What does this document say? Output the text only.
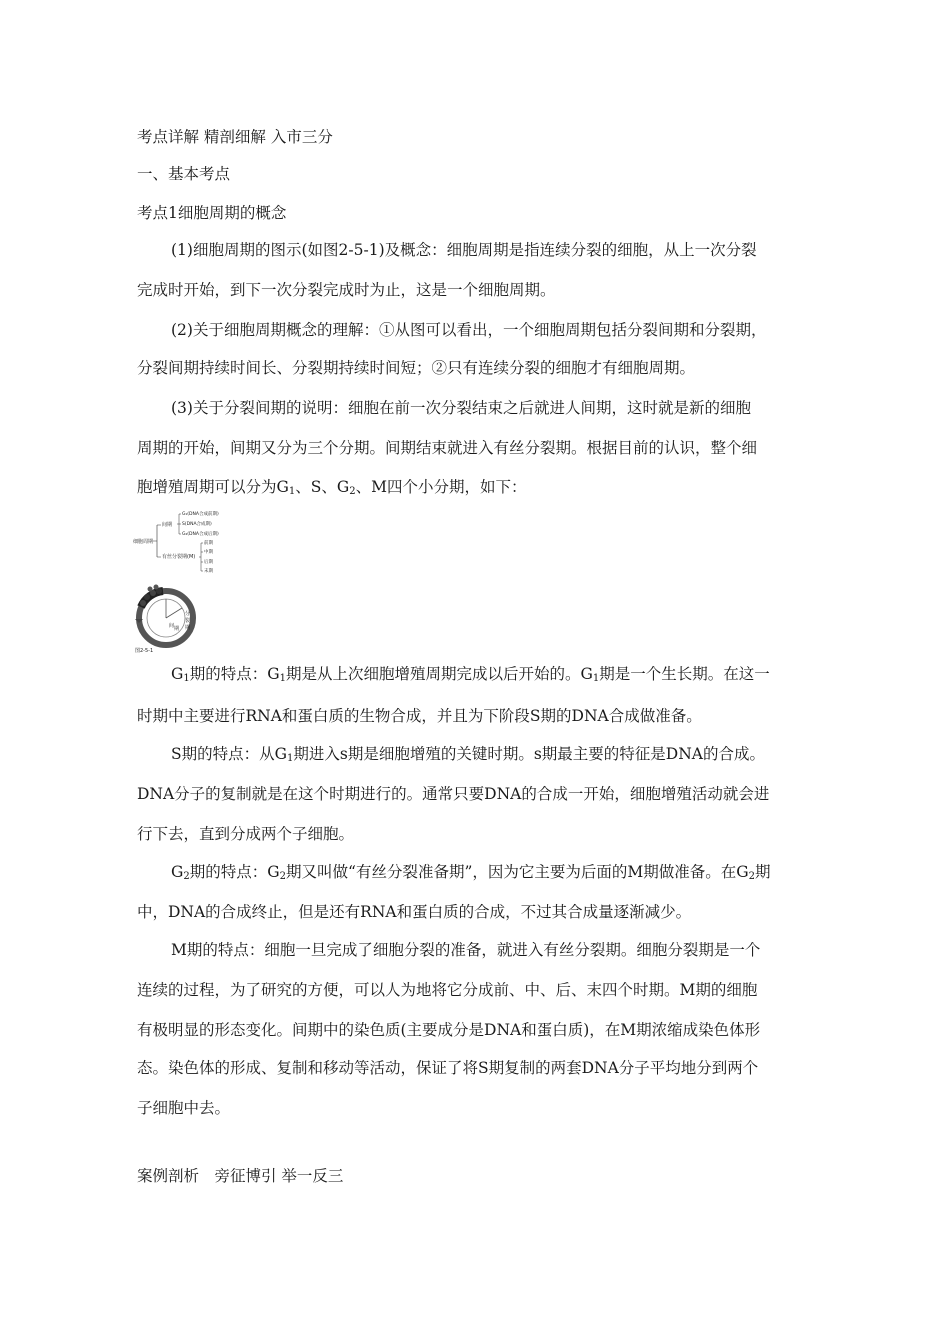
考点详解 精剖细解 入市三分
一、基本考点
考点1细胞周期的概念
(1)细胞周期的图示(如图2-5-1)及概念：细胞周期是指连续分裂的细胞，从上一次分裂
完成时开始，到下一次分裂完成时为止，这是一个细胞周期。
(2)关于细胞周期概念的理解：①从图可以看出，一个细胞周期包括分裂间期和分裂期，
分裂间期持续时间长、分裂期持续时间短；②只有连续分裂的细胞才有细胞周期。
(3)关于分裂间期的说明：细胞在前一次分裂结束之后就进人间期，这时就是新的细胞
周期的开始，间期又分为三个分期。间期结束就进入有丝分裂期。根据目前的认识，整个细
胞增殖周期可以分为$G_1$、S、$G_2$、M四个小分期，如下：
细胞周期
间期
G₁(DNA合成前期)
S(DNA合成期)
G₂(DNA合成后期)
有丝分裂期(M)
前期
中期
后期
末期
分
裂
期
间 期
图2-5-1
$G_1$期的特点：$G_1$期是从上次细胞增殖周期完成以后开始的。$G_1$期是一个生长期。在这一
时期中主要进行RNA和蛋白质的生物合成，并且为下阶段S期的DNA合成做准备。
S期的特点：从$G_1$期进入s期是细胞增殖的关键时期。s期最主要的特征是DNA的合成。
DNA分子的复制就是在这个时期进行的。通常只要DNA的合成一开始，细胞增殖活动就会进
行下去，直到分成两个子细胞。
$G_2$期的特点：$G_2$期又叫做“有丝分裂准备期”，因为它主要为后面的M期做准备。在$G_2$期
中，DNA的合成终止，但是还有RNA和蛋白质的合成，不过其合成量逐渐减少。
M期的特点：细胞一旦完成了细胞分裂的准备，就进入有丝分裂期。细胞分裂期是一个
连续的过程，为了研究的方便，可以人为地将它分成前、中、后、末四个时期。M期的细胞
有极明显的形态变化。间期中的染色质(主要成分是DNA和蛋白质)，在M期浓缩成染色体形
态。染色体的形成、复制和移动等活动，保证了将S期复制的两套DNA分子平均地分到两个
子细胞中去。
案例剖析　旁征博引 举一反三
